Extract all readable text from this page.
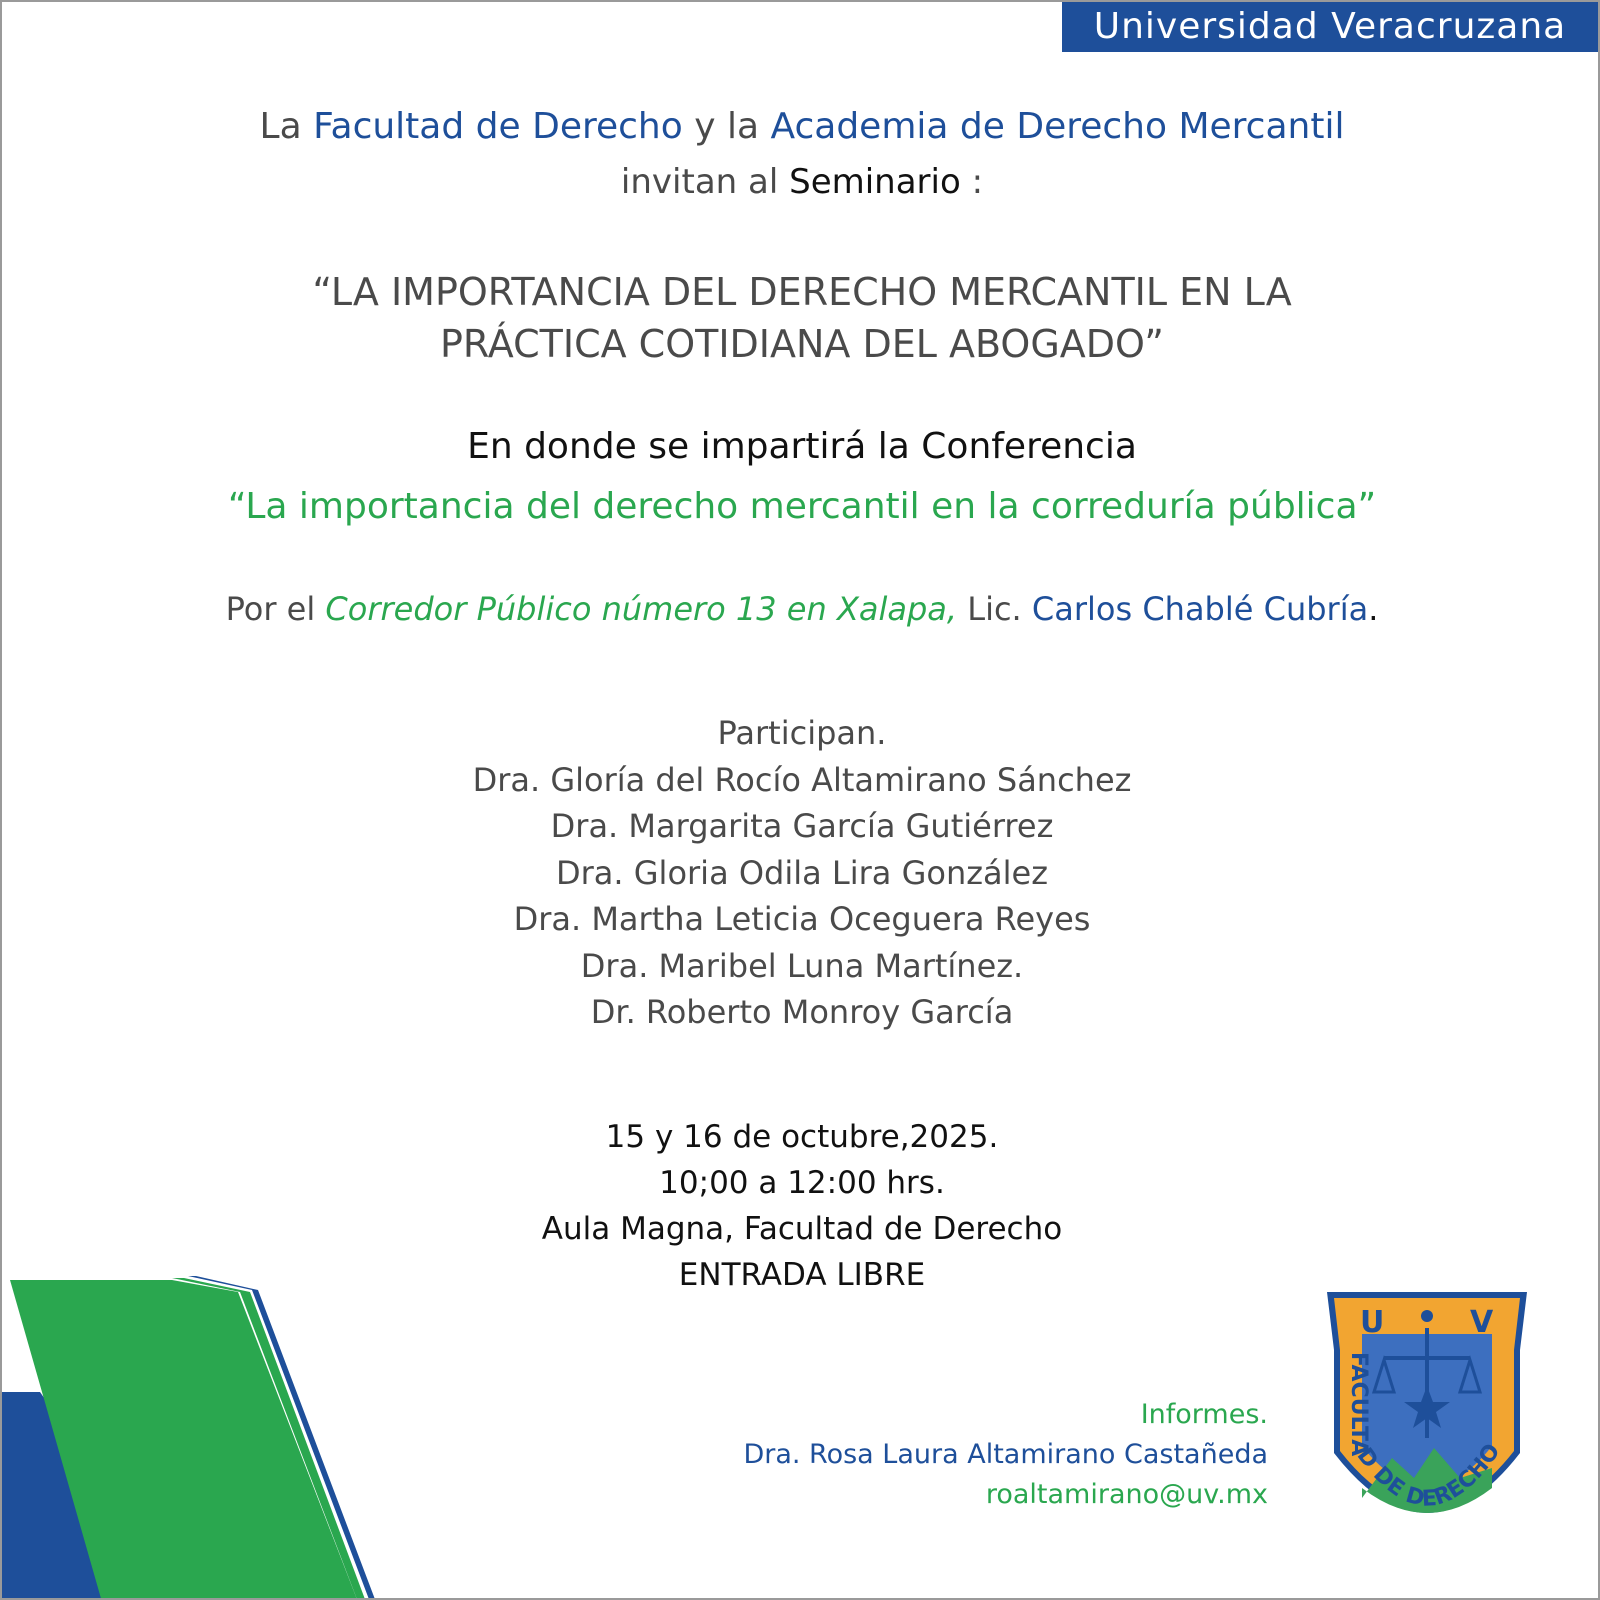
Universidad Veracruzana
La Facultad de Derecho y la Academia de Derecho Mercantil
invitan al Seminario :
“LA IMPORTANCIA DEL DERECHO MERCANTIL EN LA
PRÁCTICA COTIDIANA DEL ABOGADO”
En donde se impartirá la Conferencia
“La importancia del derecho mercantil en la correduría pública”
Por el Corredor Público número 13 en Xalapa, Lic. Carlos Chablé Cubría.
Participan.
Dra. Gloría del Rocío Altamirano Sánchez
Dra. Margarita García Gutiérrez
Dra. Gloria Odila Lira González
Dra. Martha Leticia Oceguera Reyes
Dra. Maribel Luna Martínez.
Dr. Roberto Monroy García
15 y 16 de octubre,2025.
10;00 a 12:00 hrs.
Aula Magna, Facultad de Derecho
ENTRADA LIBRE
Informes.
Dra. Rosa Laura Altamirano Castañeda
roaltamirano@uv.mx
U	V
FACULTAD DE DERECHO
